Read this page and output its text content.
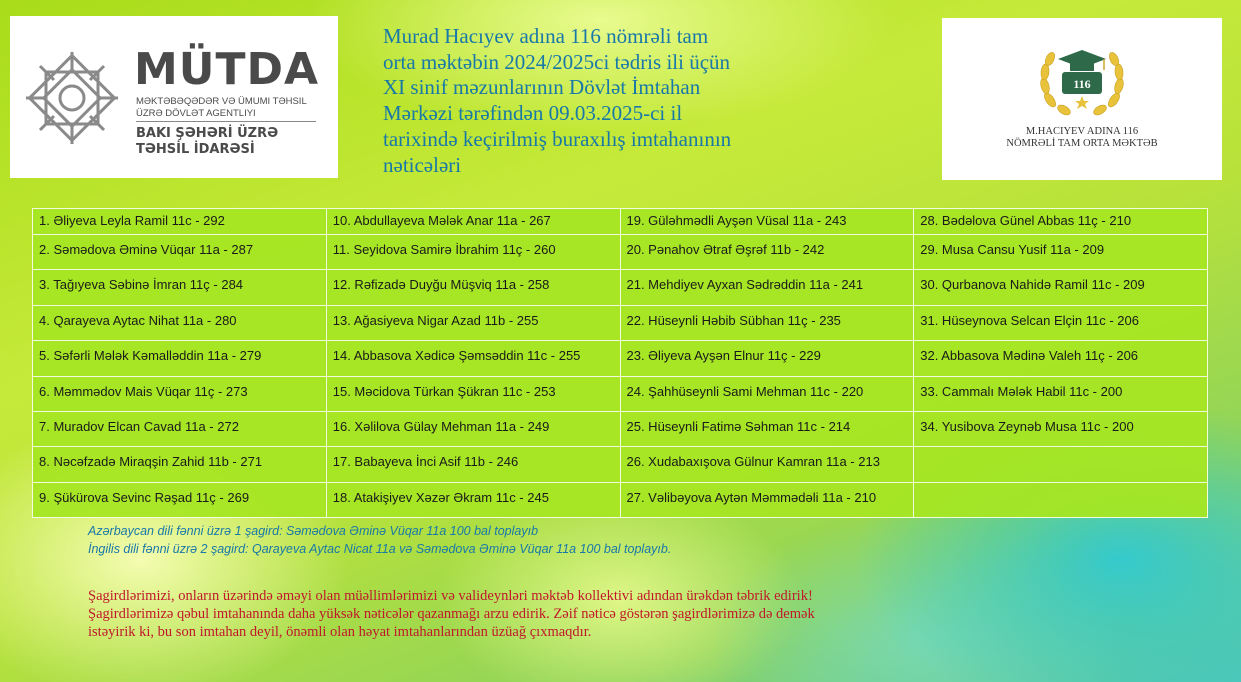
MÜTDA
MƏKTƏBƏQƏDƏR VƏ ÜMUMI TƏHSIL
ÜZRƏ DÖVLƏT AGENTLIYI
BAKI ŞƏHƏRİ ÜZRƏ
TƏHSİL İDARƏSİ
Murad Hacıyev adına 116 nömrəli tam
orta məktəbin 2024/2025ci tədris ili üçün
XI sinif məzunlarının Dövlət İmtahan
Mərkəzi tərəfindən 09.03.2025-ci il
tarixində keçirilmiş buraxılış imtahanının
nəticələri
116
M.HACIYEV ADINA 116
NÖMRƏLİ TAM ORTA MƏKTƏB
1. Əliyeva Leyla Ramil 11c - 292	10. Abdullayeva Mələk Anar 11a - 267	19. Güləhmədli Ayşən Vüsal 11a - 243	28. Bədəlova Günel Abbas 11ç - 210
2. Səmədova Əminə Vüqar 11a - 287	11. Seyidova Samirə İbrahim 11ç - 260	20. Pənahov Ətraf Əşrəf 11b - 242	29. Musa Cansu Yusif 11a - 209
3. Tağıyeva Səbinə İmran 11ç - 284	12. Rəfizadə Duyğu Müşviq 11a - 258	21. Mehdiyev Ayxan Sədrəddin 11a - 241	30. Qurbanova Nahidə Ramil 11c - 209
4. Qarayeva Aytac Nihat 11a - 280	13. Ağasiyeva Nigar Azad 11b - 255	22. Hüseynli Həbib Sübhan 11ç - 235	31. Hüseynova Selcan Elçin 11c - 206
5. Səfərli Mələk Kəmalləddin 11a - 279	14. Abbasova Xədicə Şəmsəddin 11c - 255	23. Əliyeva Ayşən Elnur 11ç - 229	32. Abbasova Mədinə Valeh 11ç - 206
6. Məmmədov Mais Vüqar 11ç - 273	15. Məcidova Türkan Şükran 11c - 253	24. Şahhüseynli Sami Mehman 11c - 220	33. Cammalı Mələk Habil 11c - 200
7. Muradov Elcan Cavad 11a - 272	16. Xəlilova Gülay Mehman 11a - 249	25. Hüseynli Fatimə Səhman 11c - 214	34. Yusibova Zeynəb Musa 11c - 200
8. Nəcəfzadə Miraqşin Zahid 11b - 271	17. Babayeva İnci Asif 11b - 246	26. Xudabaxışova Gülnur Kamran 11a - 213	
9. Şükürova Sevinc Rəşad 11ç - 269	18. Atakişiyev Xəzər Əkram 11c - 245	27. Vəlibəyova Aytən Məmmədəli 11a - 210	
Azərbaycan dili fənni üzrə 1 şagird: Səmədova Əminə Vüqar 11a 100 bal toplayıb
İngilis dili fənni üzrə 2 şagird: Qarayeva Aytac Nicat 11a və Səmədova Əminə Vüqar 11a 100 bal toplayıb.
Şagirdlərimizi, onların üzərində əməyi olan müəllimlərimizi və valideynləri məktəb kollektivi adından ürəkdən təbrik edirik!
Şagirdlərimizə qəbul imtahanında daha yüksək nəticələr qazanmağı arzu edirik. Zəif nəticə göstərən şagirdlərimizə də demək
istəyirik ki, bu son imtahan deyil, önəmli olan həyat imtahanlarından üzüağ çıxmaqdır.
